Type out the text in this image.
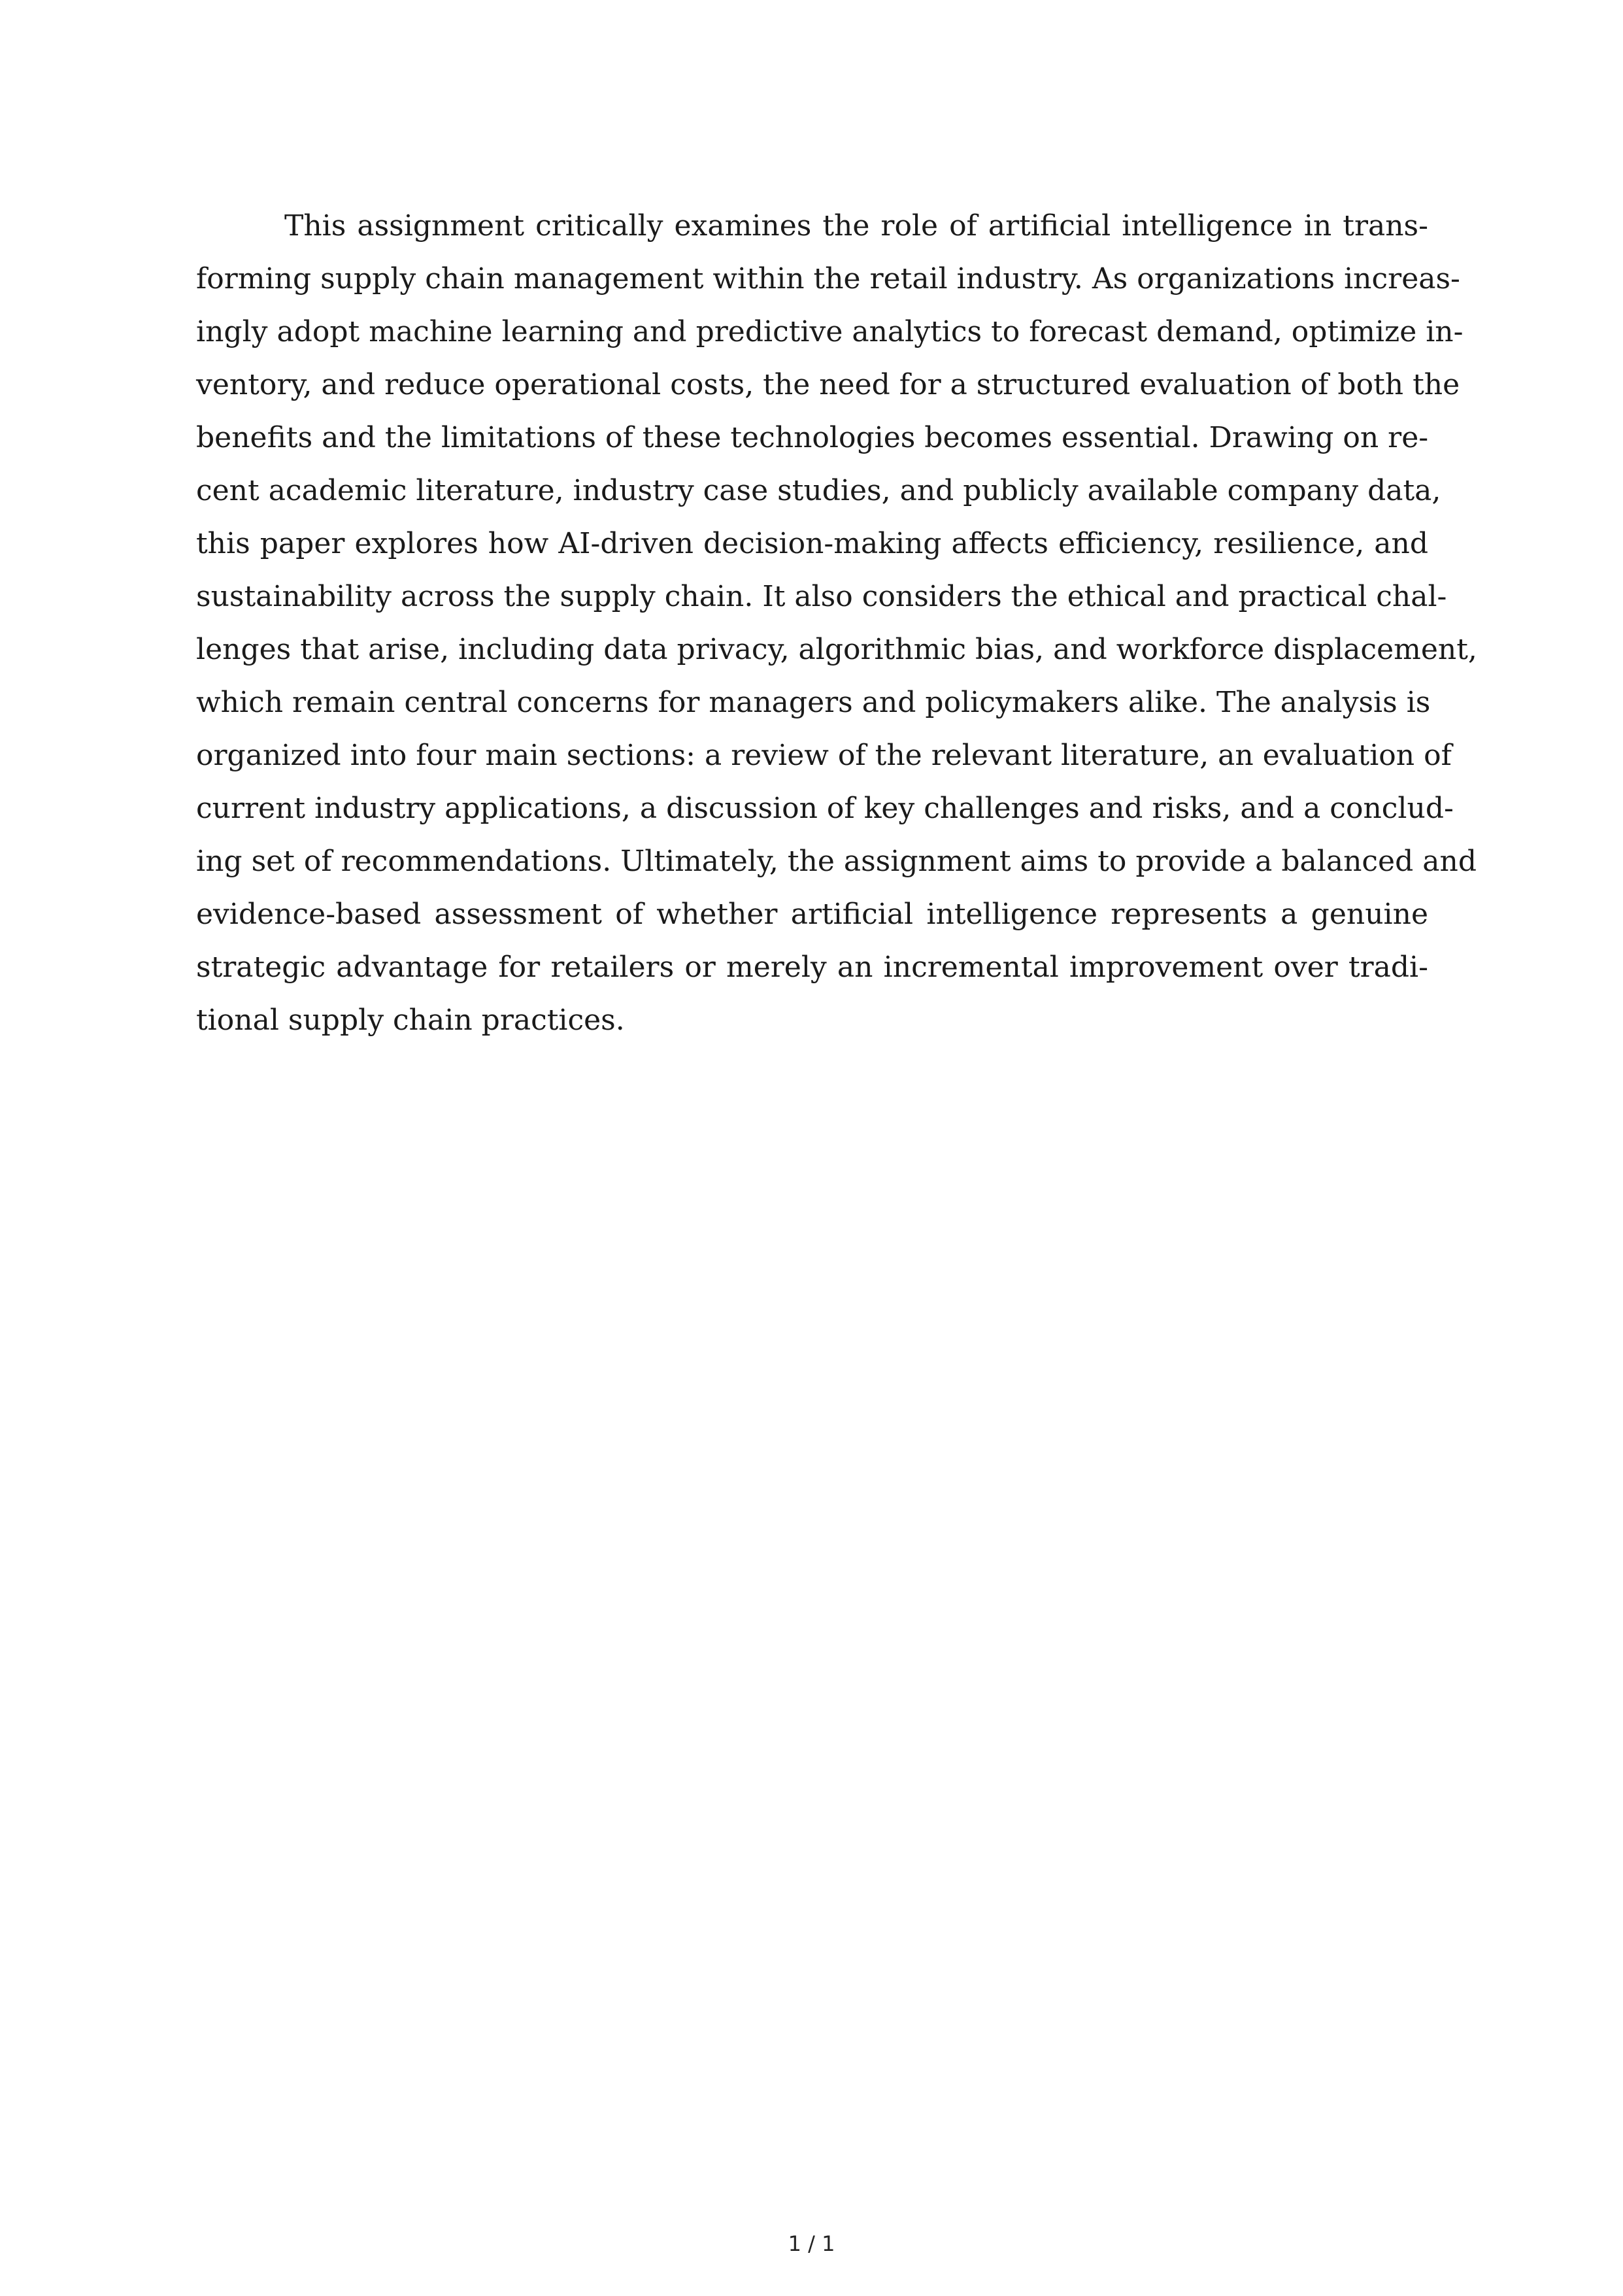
This assignment critically examines the role of artificial intelligence in trans-
forming supply chain management within the retail industry. As organizations increas-
ingly adopt machine learning and predictive analytics to forecast demand, optimize in-
ventory, and reduce operational costs, the need for a structured evaluation of both the
benefits and the limitations of these technologies becomes essential. Drawing on re-
cent academic literature, industry case studies, and publicly available company data,
this paper explores how AI-driven decision-making affects efficiency, resilience, and
sustainability across the supply chain. It also considers the ethical and practical chal-
lenges that arise, including data privacy, algorithmic bias, and workforce displacement,
which remain central concerns for managers and policymakers alike. The analysis is
organized into four main sections: a review of the relevant literature, an evaluation of
current industry applications, a discussion of key challenges and risks, and a conclud-
ing set of recommendations. Ultimately, the assignment aims to provide a balanced and
evidence-based assessment of whether artificial intelligence represents a genuine
strategic advantage for retailers or merely an incremental improvement over tradi-
tional supply chain practices.
1 / 1
